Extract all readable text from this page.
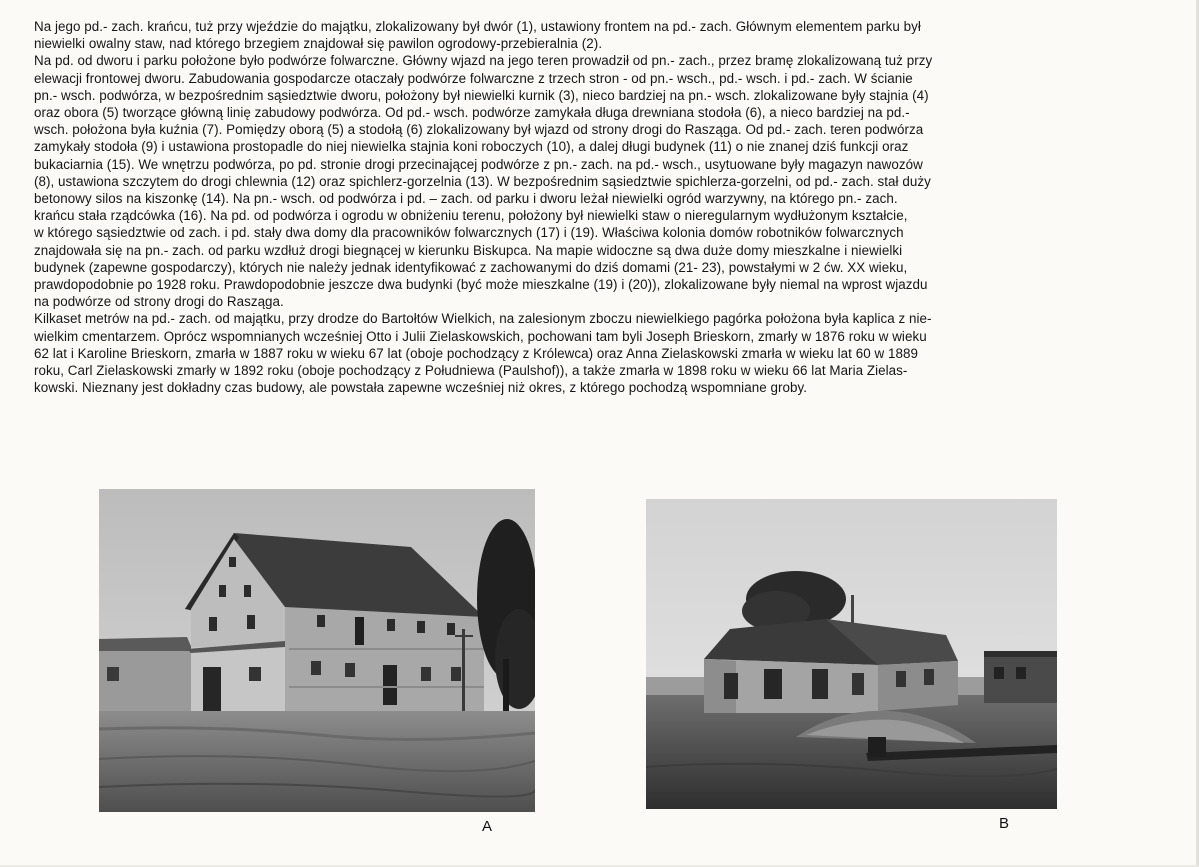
Na jego pd.- zach. krańcu, tuż przy wjeździe do majątku, zlokalizowany był dwór (1), ustawiony frontem na pd.- zach. Głównym elementem parku był
niewielki owalny staw, nad którego brzegiem znajdował się pawilon ogrodowy-przebieralnia (2).

Na pd. od dworu i parku położone było podwórze folwarczne. Główny wjazd na jego teren prowadził od pn.- zach., przez bramę zlokalizowaną tuż przy
elewacji frontowej dworu. Zabudowania gospodarcze otaczały podwórze folwarczne z trzech stron - od pn.- wsch., pd.- wsch. i pd.- zach. W ścianie
pn.- wsch. podwórza, w bezpośrednim sąsiedztwie dworu, położony był niewielki kurnik (3), nieco bardziej na pn.- wsch. zlokalizowane były stajnia (4)
oraz obora (5) tworzące główną linię zabudowy podwórza. Od pd.- wsch. podwórze zamykała długa drewniana stodoła (6), a nieco bardziej na pd.-
wsch. położona była kuźnia (7). Pomiędzy oborą (5) a stodołą (6) zlokalizowany był wjazd od strony drogi do Rasząga. Od pd.- zach. teren podwórza
zamykały stodoła (9) i ustawiona prostopadle do niej niewielka stajnia koni roboczych (10), a dalej długi budynek (11) o nie znanej dziś funkcji oraz
bukaciarnia (15). We wnętrzu podwórza, po pd. stronie drogi przecinającej podwórze z pn.- zach. na pd.- wsch., usytuowane były magazyn nawozów
(8), ustawiona szczytem do drogi chlewnia (12) oraz spichlerz-gorzelnia (13). W bezpośrednim sąsiedztwie spichlerza-gorzelni, od pd.- zach. stał duży
betonowy silos na kiszonkę (14). Na pn.- wsch. od podwórza i pd. – zach. od parku i dworu leżał niewielki ogród warzywny, na którego pn.- zach.
krańcu stała rządcówka (16). Na pd. od podwórza i ogrodu w obniżeniu terenu, położony był niewielki staw o nieregularnym wydłużonym kształcie,
w którego sąsiedztwie od zach. i pd. stały dwa domy dla pracowników folwarcznych (17) i (19). Właściwa kolonia domów robotników folwarcznych
znajdowała się na pn.- zach. od parku wzdłuż drogi biegnącej w kierunku Biskupca. Na mapie widoczne są dwa duże domy mieszkalne i niewielki
budynek (zapewne gospodarczy), których nie należy jednak identyfikować z zachowanymi do dziś domami (21- 23), powstałymi w 2 ćw. XX wieku,
prawdopodobnie po 1928 roku. Prawdopodobnie jeszcze dwa budynki (być może mieszkalne (19) i (20)), zlokalizowane były niemal na wprost wjazdu
na podwórze od strony drogi do Rasząga.

Kilkaset metrów na pd.- zach. od majątku, przy drodze do Bartołtów Wielkich, na zalesionym zboczu niewielkiego pagórka położona była kaplica z nie-
wielkim cmentarzem. Oprócz wspomnianych wcześniej Otto i Julii Zielaskowskich, pochowani tam byli Joseph Brieskorn, zmarły w 1876 roku w wieku
62 lat i Karoline Brieskorn, zmarła w 1887 roku w wieku 67 lat (oboje pochodzący z Królewca) oraz Anna Zielaskowski zmarła w wieku lat 60 w 1889
roku, Carl Zielaskowski zmarły w 1892 roku (oboje pochodzący z Południewa (Paulshof)), a także zmarła w 1898 roku w wieku 66 lat Maria Zielas-
kowski. Nieznany jest dokładny czas budowy, ale powstała zapewne wcześniej niż okres, z którego pochodzą wspomniane groby.

A	B
